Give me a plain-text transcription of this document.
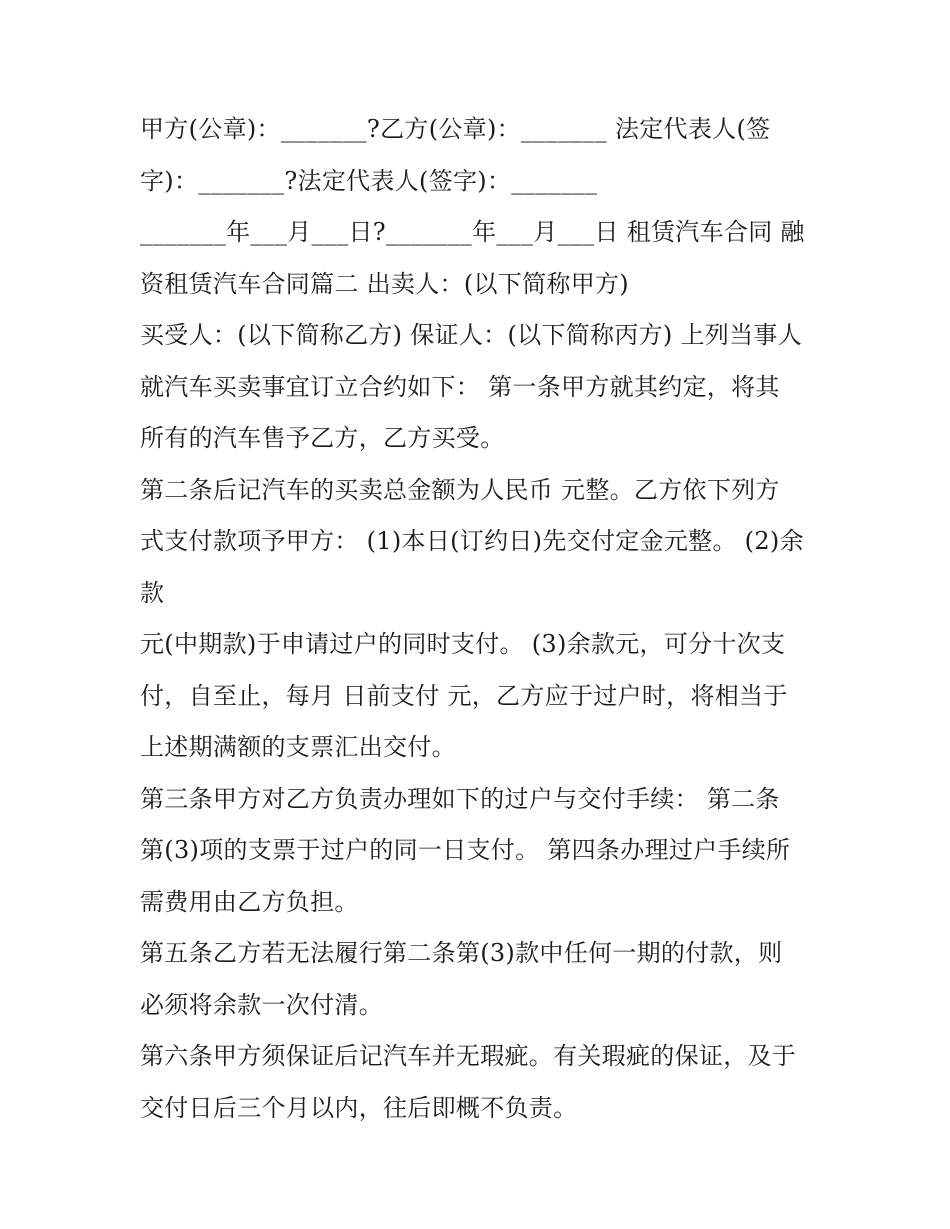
甲方(公章)：_______?乙方(公章)：_______ 法定代表人(签
字)：_______?法定代表人(签字)：_______
_______年___月___日?_______年___月___日 租赁汽车合同 融
资租赁汽车合同篇二 出卖人：(以下简称甲方)
买受人：(以下简称乙方) 保证人：(以下简称丙方) 上列当事人
就汽车买卖事宜订立合约如下： 第一条甲方就其约定，将其
所有的汽车售予乙方，乙方买受。
第二条后记汽车的买卖总金额为人民币 元整。乙方依下列方
式支付款项予甲方： (1)本日(订约日)先交付定金元整。 (2)余
款
元(中期款)于申请过户的同时支付。 (3)余款元，可分十次支
付，自至止，每月 日前支付 元，乙方应于过户时，将相当于
上述期满额的支票汇出交付。
第三条甲方对乙方负责办理如下的过户与交付手续： 第二条
第(3)项的支票于过户的同一日支付。 第四条办理过户手续所
需费用由乙方负担。
第五条乙方若无法履行第二条第(3)款中任何一期的付款，则
必须将余款一次付清。
第六条甲方须保证后记汽车并无瑕疵。有关瑕疵的保证，及于
交付日后三个月以内，往后即概不负责。
